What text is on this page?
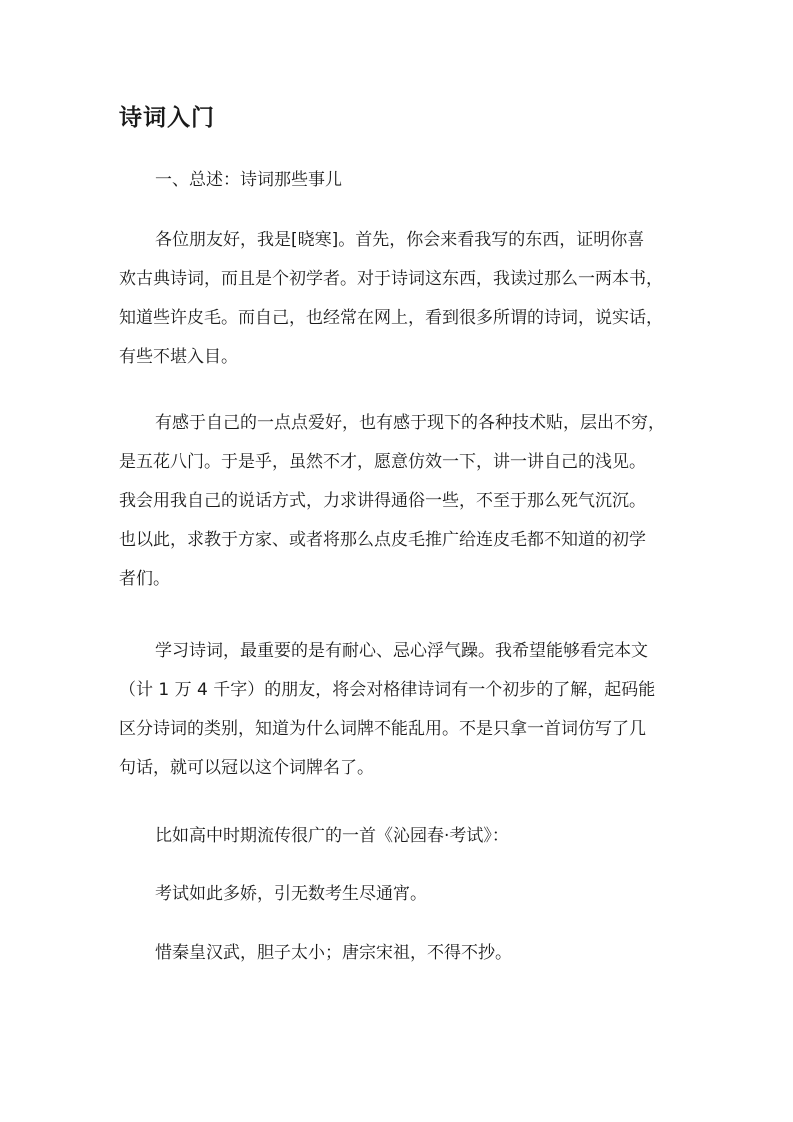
诗词入门
一、总述：诗词那些事儿
各位朋友好，我是[晓寒]。首先，你会来看我写的东西，证明你喜
欢古典诗词，而且是个初学者。对于诗词这东西，我读过那么一两本书，
知道些许皮毛。而自己，也经常在网上，看到很多所谓的诗词，说实话，
有些不堪入目。
有感于自己的一点点爱好，也有感于现下的各种技术贴，层出不穷，
是五花八门。于是乎，虽然不才，愿意仿效一下，讲一讲自己的浅见。
我会用我自己的说话方式，力求讲得通俗一些，不至于那么死气沉沉。
也以此，求教于方家、或者将那么点皮毛推广给连皮毛都不知道的初学
者们。
学习诗词，最重要的是有耐心、忌心浮气躁。我希望能够看完本文
（计 1 万 4 千字）的朋友，将会对格律诗词有一个初步的了解，起码能
区分诗词的类别，知道为什么词牌不能乱用。不是只拿一首词仿写了几
句话，就可以冠以这个词牌名了。
比如高中时期流传很广的一首《沁园春·考试》：
考试如此多娇，引无数考生尽通宵。
惜秦皇汉武，胆子太小；唐宗宋祖，不得不抄。
